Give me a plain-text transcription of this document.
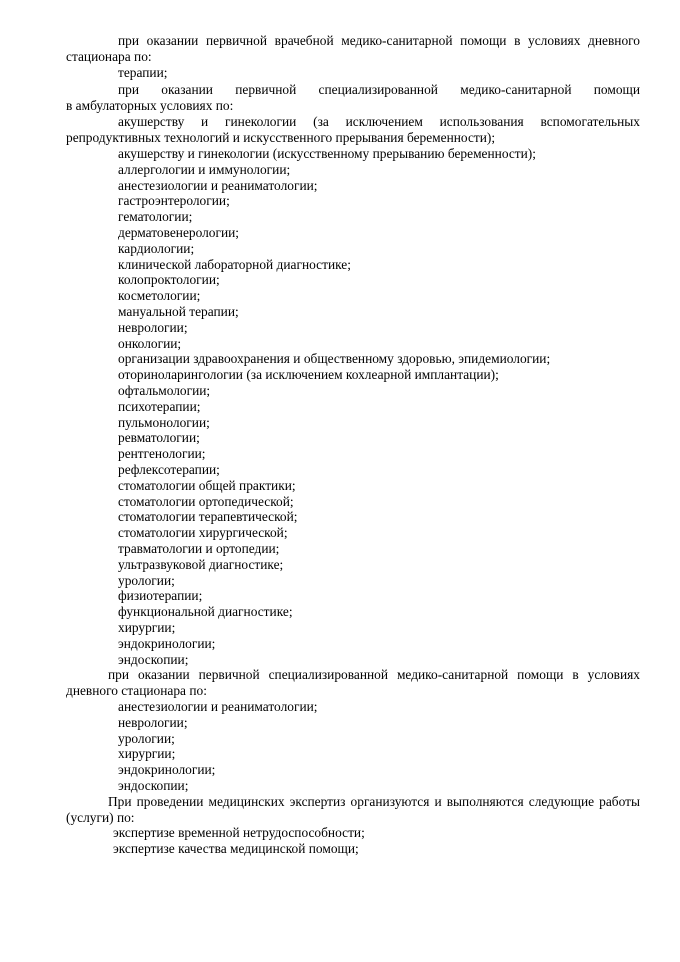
при оказании первичной врачебной медико-санитарной помощи в условиях дневного
стационара по:
терапии;
при оказании первичной специализированной медико-санитарной помощи
в амбулаторных условиях по:
акушерству и гинекологии (за исключением использования вспомогательных
репродуктивных технологий и искусственного прерывания беременности);
акушерству и гинекологии (искусственному прерыванию беременности);
аллергологии и иммунологии;
анестезиологии и реаниматологии;
гастроэнтерологии;
гематологии;
дерматовенерологии;
кардиологии;
клинической лабораторной диагностике;
колопроктологии;
косметологии;
мануальной терапии;
неврологии;
онкологии;
организации здравоохранения и общественному здоровью, эпидемиологии;
оториноларингологии (за исключением кохлеарной имплантации);
офтальмологии;
психотерапии;
пульмонологии;
ревматологии;
рентгенологии;
рефлексотерапии;
стоматологии общей практики;
стоматологии ортопедической;
стоматологии терапевтической;
стоматологии хирургической;
травматологии и ортопедии;
ультразвуковой диагностике;
урологии;
физиотерапии;
функциональной диагностике;
хирургии;
эндокринологии;
эндоскопии;
при оказании первичной специализированной медико-санитарной помощи в условиях
дневного стационара по:
анестезиологии и реаниматологии;
неврологии;
урологии;
хирургии;
эндокринологии;
эндоскопии;
При проведении медицинских экспертиз организуются и выполняются следующие работы
(услуги) по:
экспертизе временной нетрудоспособности;
экспертизе качества медицинской помощи;
